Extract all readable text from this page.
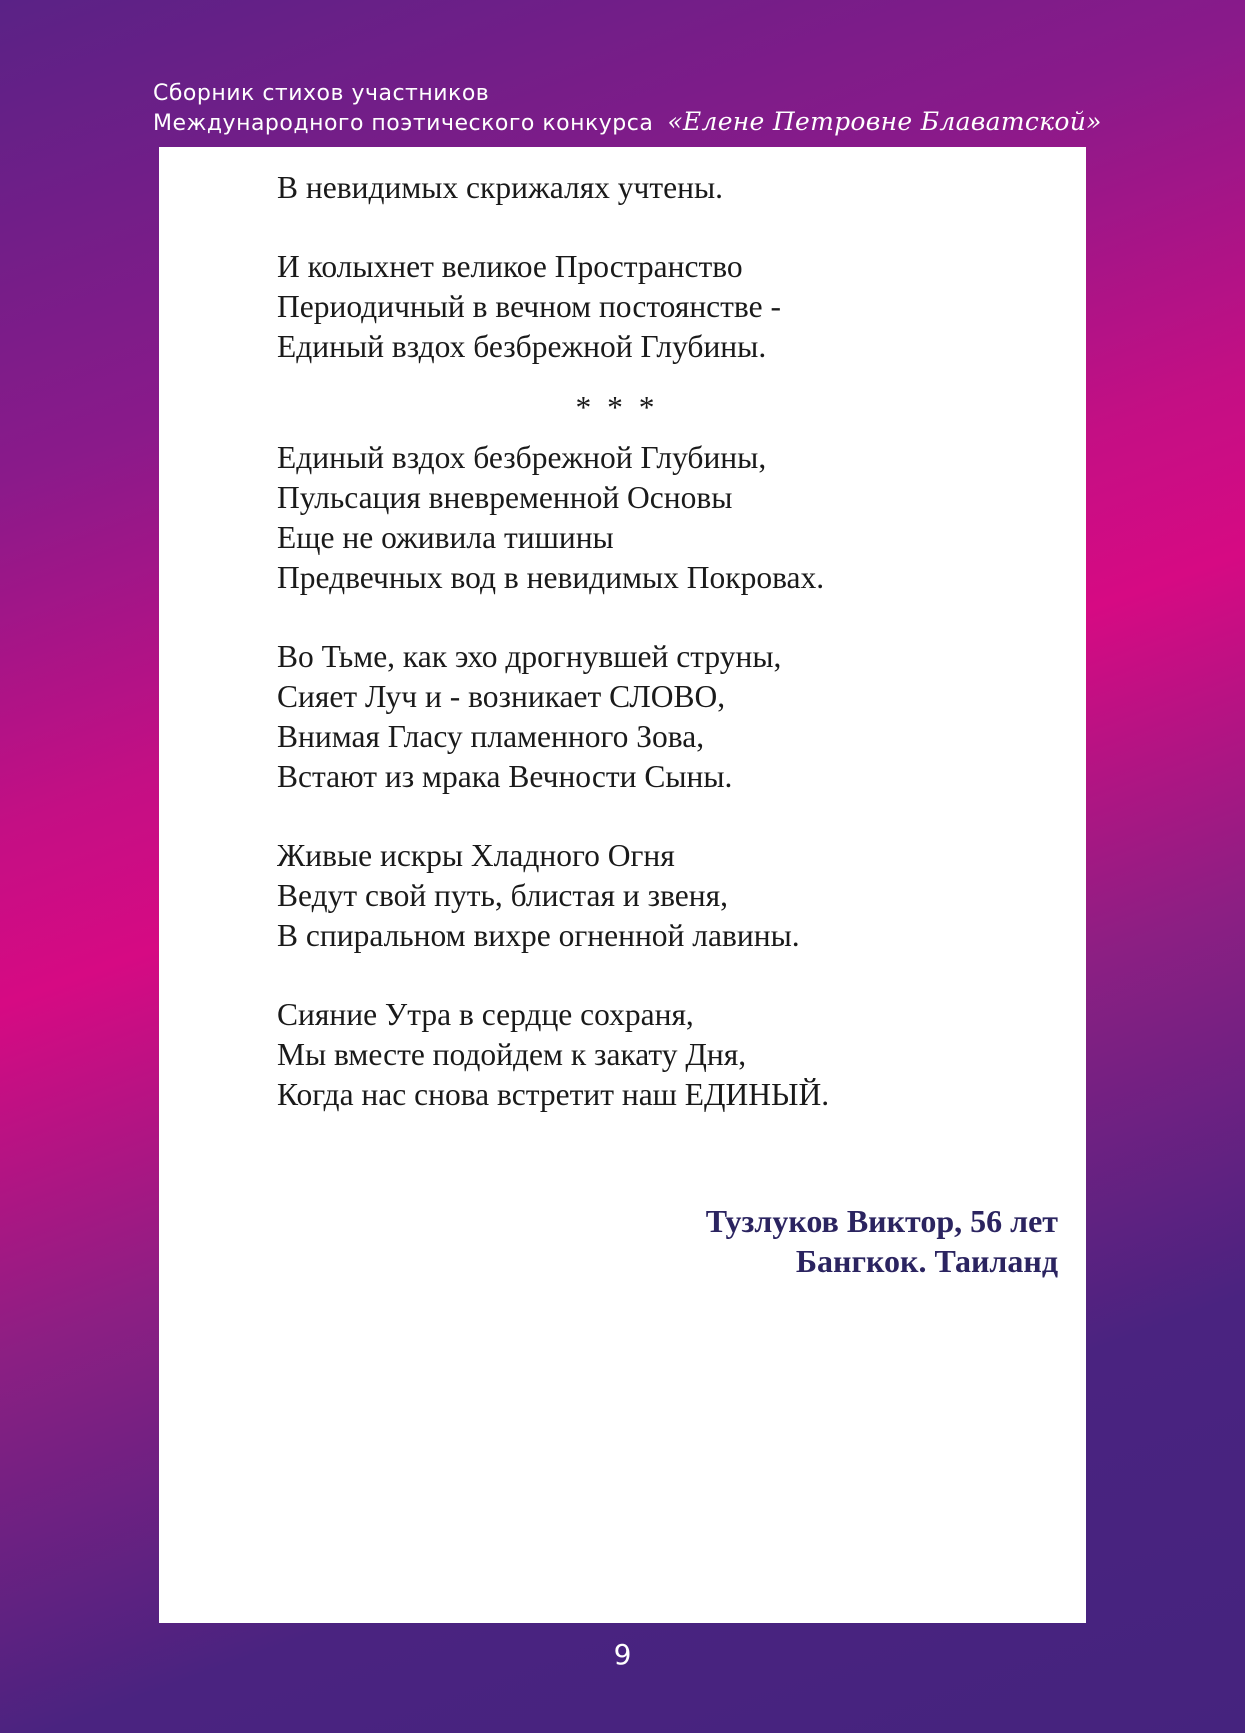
Сборник стихов участников
Международного поэтического конкурса «Елене Петровне Блаватской»
В невидимых скрижалях учтены.
И колыхнет великое Пространство
Периодичный в вечном постоянстве -
Единый вздох безбрежной Глубины.
* * *
Единый вздох безбрежной Глубины,
Пульсация вневременной Основы
Еще не оживила тишины
Предвечных вод в невидимых Покровах.
Во Тьме, как эхо дрогнувшей струны,
Сияет Луч и - возникает СЛОВО,
Внимая Гласу пламенного Зова,
Встают из мрака Вечности Сыны.
Живые искры Хладного Огня
Ведут свой путь, блистая и звеня,
В спиральном вихре огненной лавины.
Сияние Утра в сердце сохраня,
Мы вместе подойдем к закату Дня,
Когда нас снова встретит наш ЕДИНЫЙ.
Тузлуков Виктор, 56 лет
Бангкок. Таиланд
9
